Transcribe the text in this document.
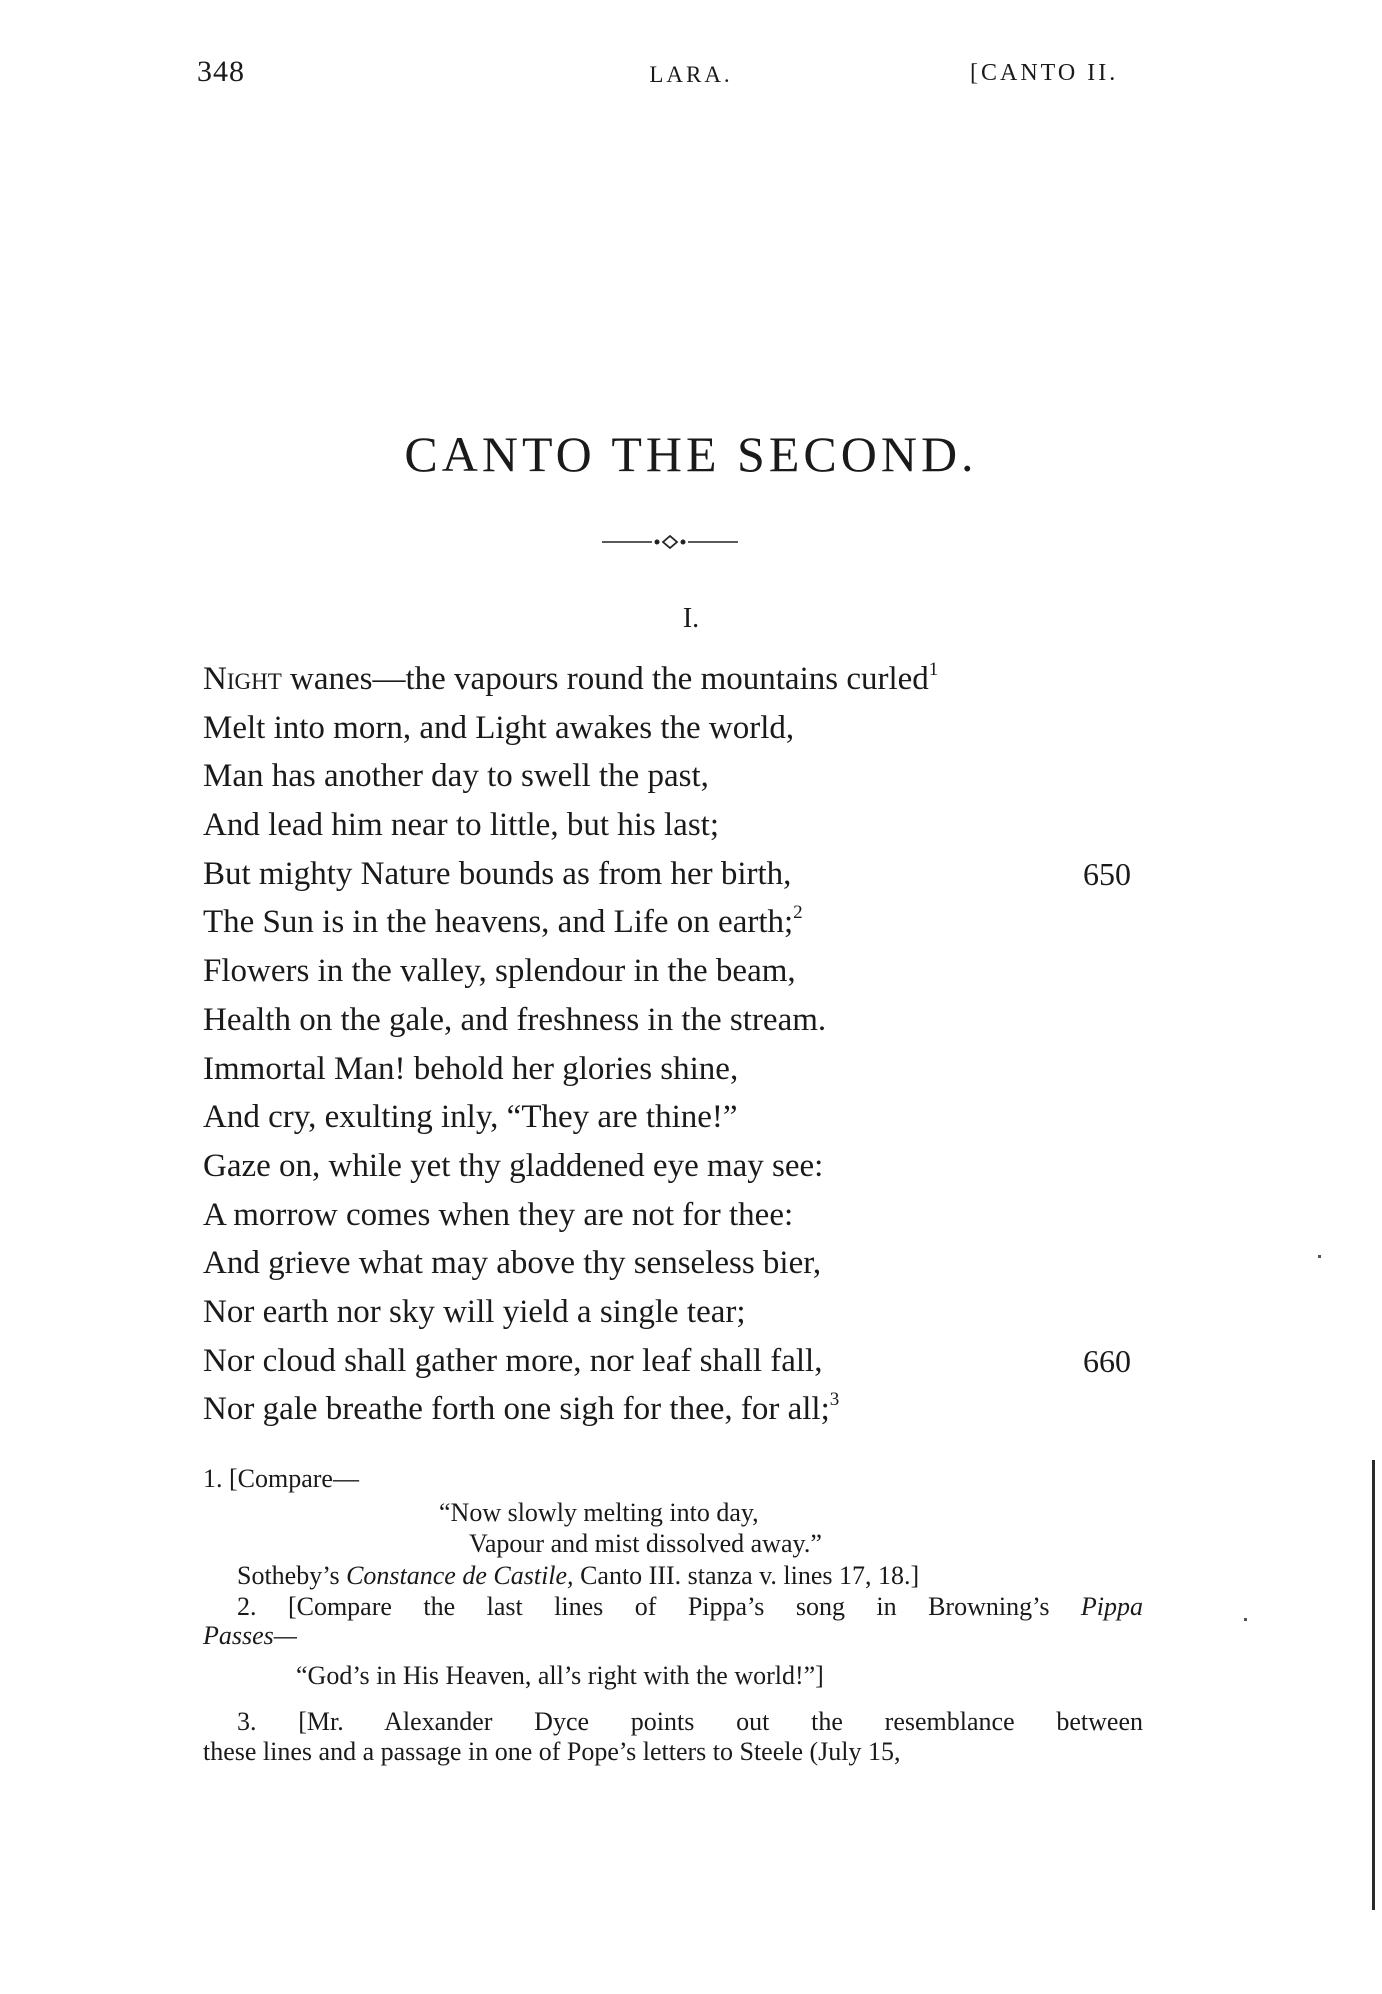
348	LARA.	[CANTO II.
CANTO THE SECOND.
I.
Night wanes—the vapours round the mountains curled$^1$
Melt into morn, and Light awakes the world,
Man has another day to swell the past,
And lead him near to little, but his last;
But mighty Nature bounds as from her birth,	650
The Sun is in the heavens, and Life on earth;$^2$
Flowers in the valley, splendour in the beam,
Health on the gale, and freshness in the stream.
Immortal Man! behold her glories shine,
And cry, exulting inly, “They are thine!”
Gaze on, while yet thy gladdened eye may see:
A morrow comes when they are not for thee:
And grieve what may above thy senseless bier,
Nor earth nor sky will yield a single tear;
Nor cloud shall gather more, nor leaf shall fall,	660
Nor gale breathe forth one sigh for thee, for all;$^3$
1. [Compare—
“Now slowly melting into day,
Vapour and mist dissolved away.”
Sotheby’s Constance de Castile, Canto III. stanza v. lines 17, 18.]
2. [Compare the last lines of Pippa’s song in Browning’s Pippa
Passes—
“God’s in His Heaven, all’s right with the world!”]
3. [Mr. Alexander Dyce points out the resemblance between
these lines and a passage in one of Pope’s letters to Steele (July 15,
